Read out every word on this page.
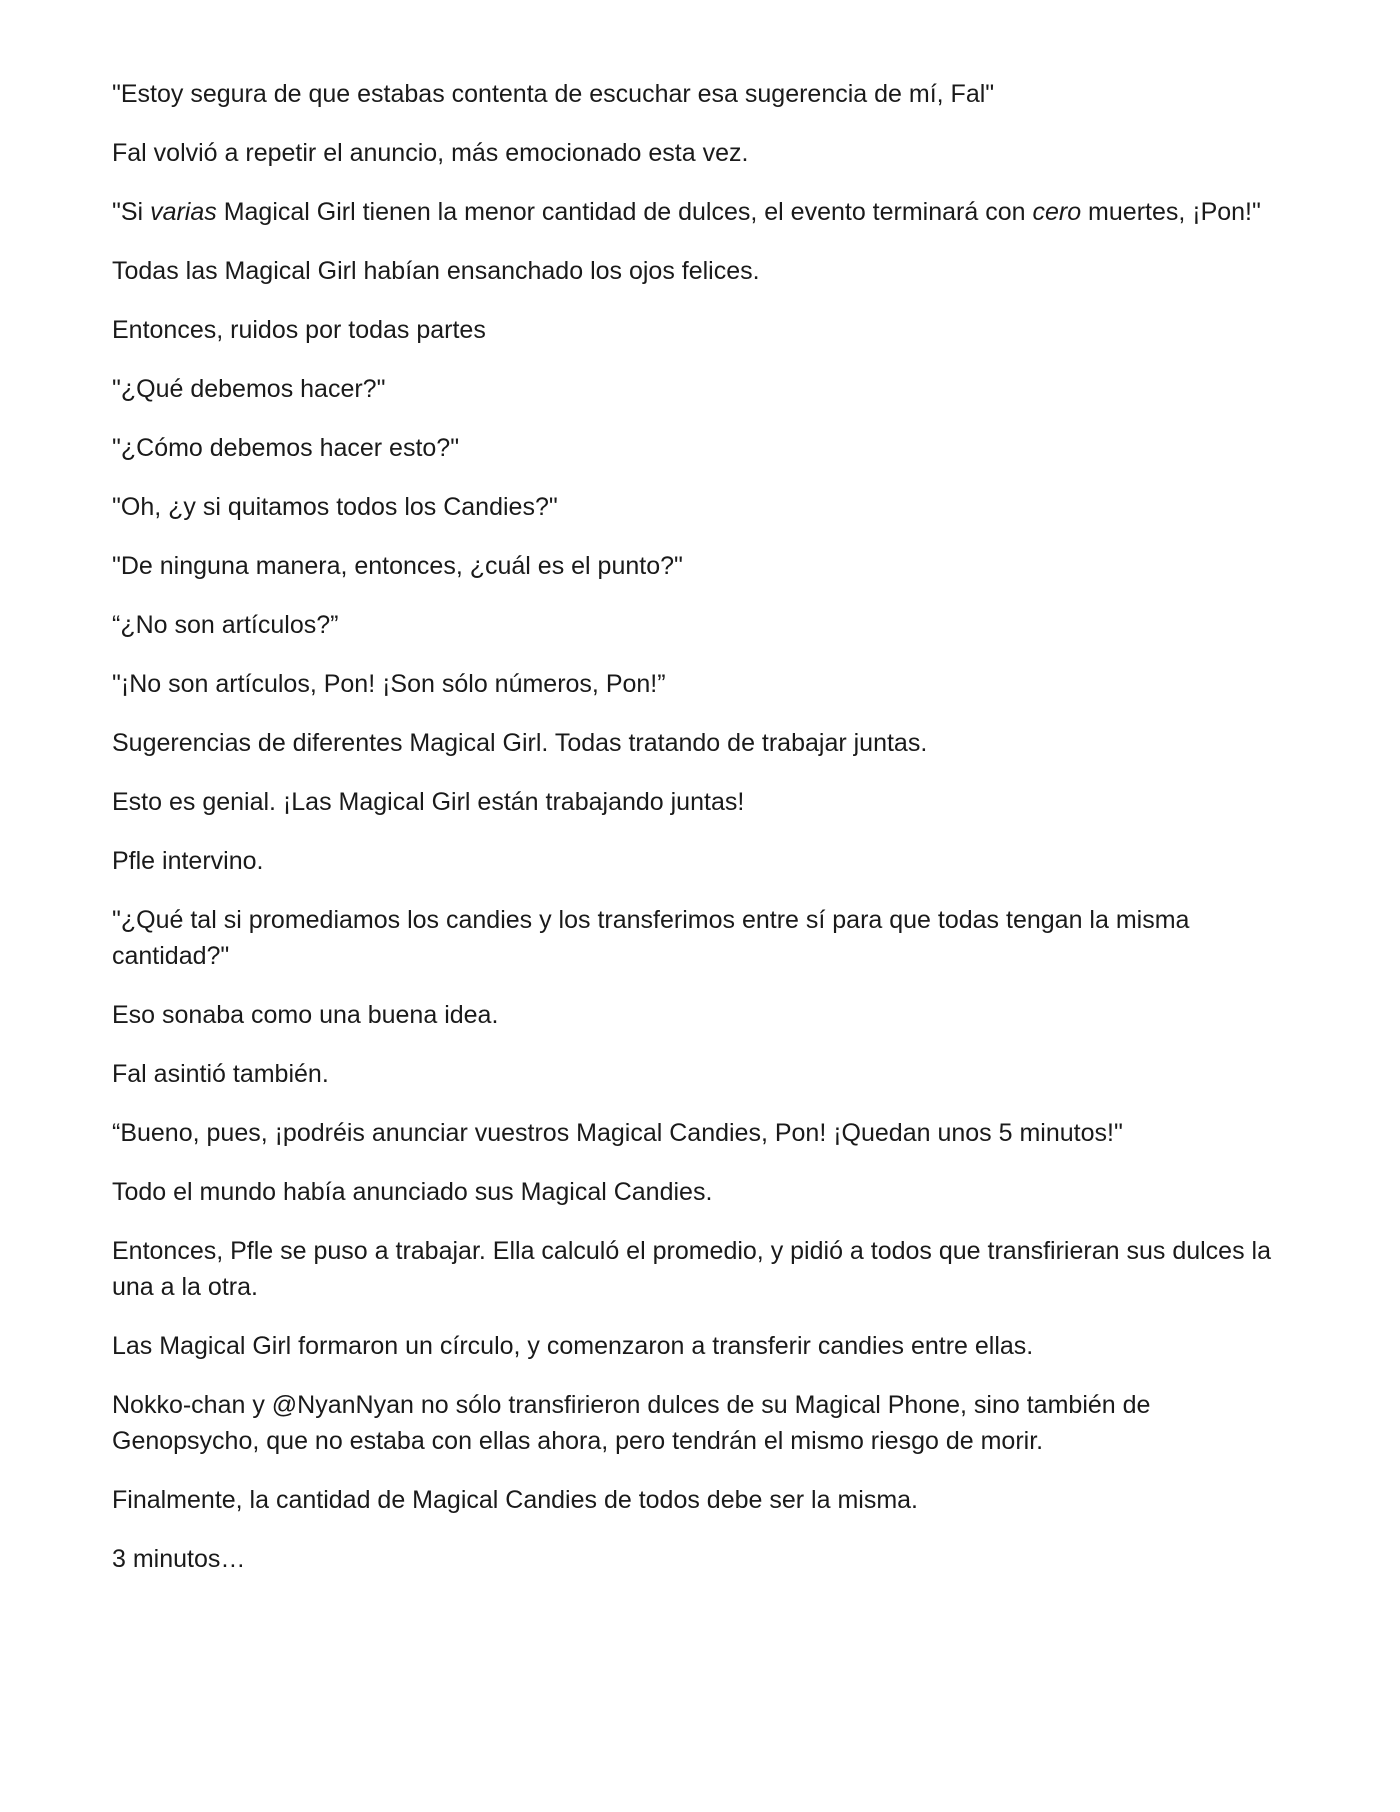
"Estoy segura de que estabas contenta de escuchar esa sugerencia de mí, Fal"

Fal volvió a repetir el anuncio, más emocionado esta vez.

"Si varias Magical Girl tienen la menor cantidad de dulces, el evento terminará con cero muertes, ¡Pon!"

Todas las Magical Girl habían ensanchado los ojos felices.

Entonces, ruidos por todas partes

"¿Qué debemos hacer?"

"¿Cómo debemos hacer esto?"

"Oh, ¿y si quitamos todos los Candies?"

"De ninguna manera, entonces, ¿cuál es el punto?"

“¿No son artículos?”

"¡No son artículos, Pon! ¡Son sólo números, Pon!”

Sugerencias de diferentes Magical Girl. Todas tratando de trabajar juntas.

Esto es genial. ¡Las Magical Girl están trabajando juntas!

Pfle intervino.

"¿Qué tal si promediamos los candies y los transferimos entre sí para que todas tengan la misma cantidad?"

Eso sonaba como una buena idea.

Fal asintió también.

“Bueno, pues, ¡podréis anunciar vuestros Magical Candies, Pon! ¡Quedan unos 5 minutos!"

Todo el mundo había anunciado sus Magical Candies.

Entonces, Pfle se puso a trabajar. Ella calculó el promedio, y pidió a todos que transfirieran sus dulces la una a la otra.

Las Magical Girl formaron un círculo, y comenzaron a transferir candies entre ellas.

Nokko-chan y @NyanNyan no sólo transfirieron dulces de su Magical Phone, sino también de Genopsycho, que no estaba con ellas ahora, pero tendrán el mismo riesgo de morir.

Finalmente, la cantidad de Magical Candies de todos debe ser la misma.

3 minutos…
